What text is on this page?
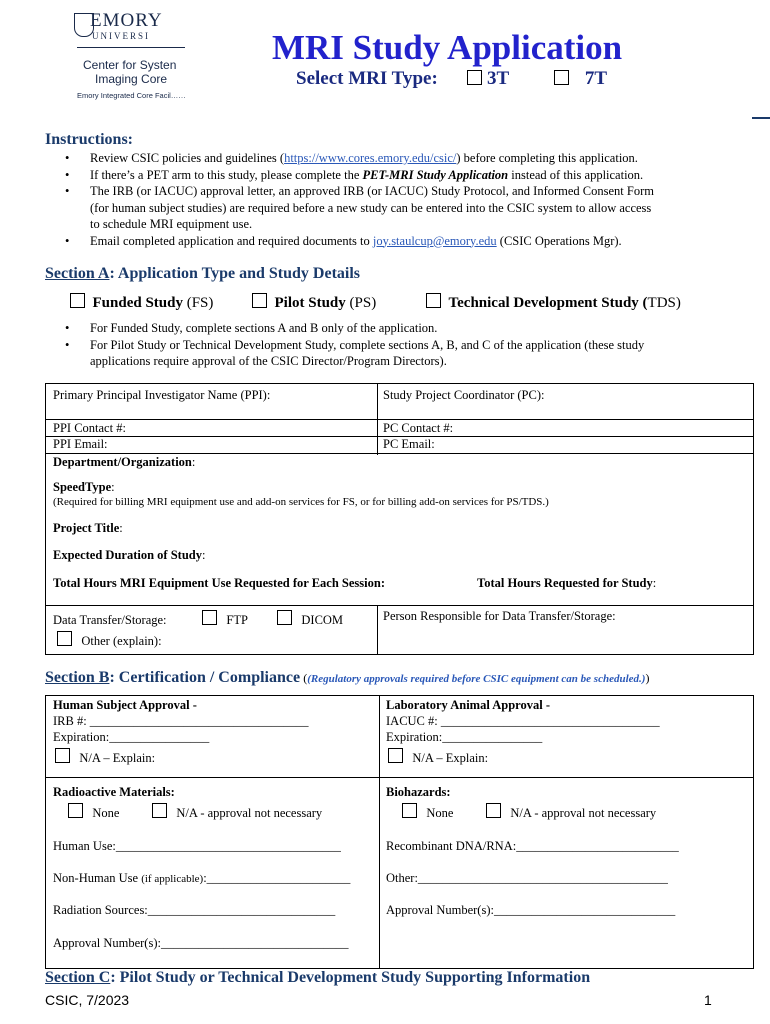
EMORY
UNIVERSI
Center for Systen
Imaging Core
Emory Integrated Core Facil……
MRI Study Application
Select MRI Type:	3T	7T
Instructions:
• Review CSIC policies and guidelines (https://www.cores.emory.edu/csic/) before completing this application.
• If there’s a PET arm to this study, please complete the PET-MRI Study Application instead of this application.
• The IRB (or IACUC) approval letter, an approved IRB (or IACUC) Study Protocol, and Informed Consent Form
(for human subject studies) are required before a new study can be entered into the CSIC system to allow access
to schedule MRI equipment use.
• Email completed application and required documents to joy.staulcup@emory.edu (CSIC Operations Mgr).
Section A: Application Type and Study Details
Funded Study (FS)	Pilot Study (PS)	Technical Development Study (TDS)
• For Funded Study, complete sections A and B only of the application.
• For Pilot Study or Technical Development Study, complete sections A, B, and C of the application (these study
applications require approval of the CSIC Director/Program Directors).
Primary Principal Investigator Name (PPI):	Study Project Coordinator (PC):
PPI Contact #:	PC Contact #:
PPI Email:	PC Email:
Department/Organization:
SpeedType:
(Required for billing MRI equipment use and add-on services for FS, or for billing add-on services for PS/TDS.)
Project Title:
Expected Duration of Study:
Total Hours MRI Equipment Use Requested for Each Session:	Total Hours Requested for Study:
Data Transfer/Storage:	FTP	DICOM
Other (explain):
Person Responsible for Data Transfer/Storage:
Section B: Certification / Compliance ((Regulatory approvals required before CSIC equipment can be scheduled.))
Human Subject Approval -
IRB #: ___________________________________
Expiration:________________
N/A – Explain:
Laboratory Animal Approval -
IACUC #: ___________________________________
Expiration:________________
N/A – Explain:
Radioactive Materials:
None	N/A - approval not necessary
Human Use:____________________________________
Non-Human Use (if applicable):_______________________
Radiation Sources:______________________________
Approval Number(s):______________________________
Biohazards:
None	N/A - approval not necessary
Recombinant DNA/RNA:__________________________
Other:________________________________________
Approval Number(s):_____________________________
Section C: Pilot Study or Technical Development Study Supporting Information
CSIC, 7/2023	1
